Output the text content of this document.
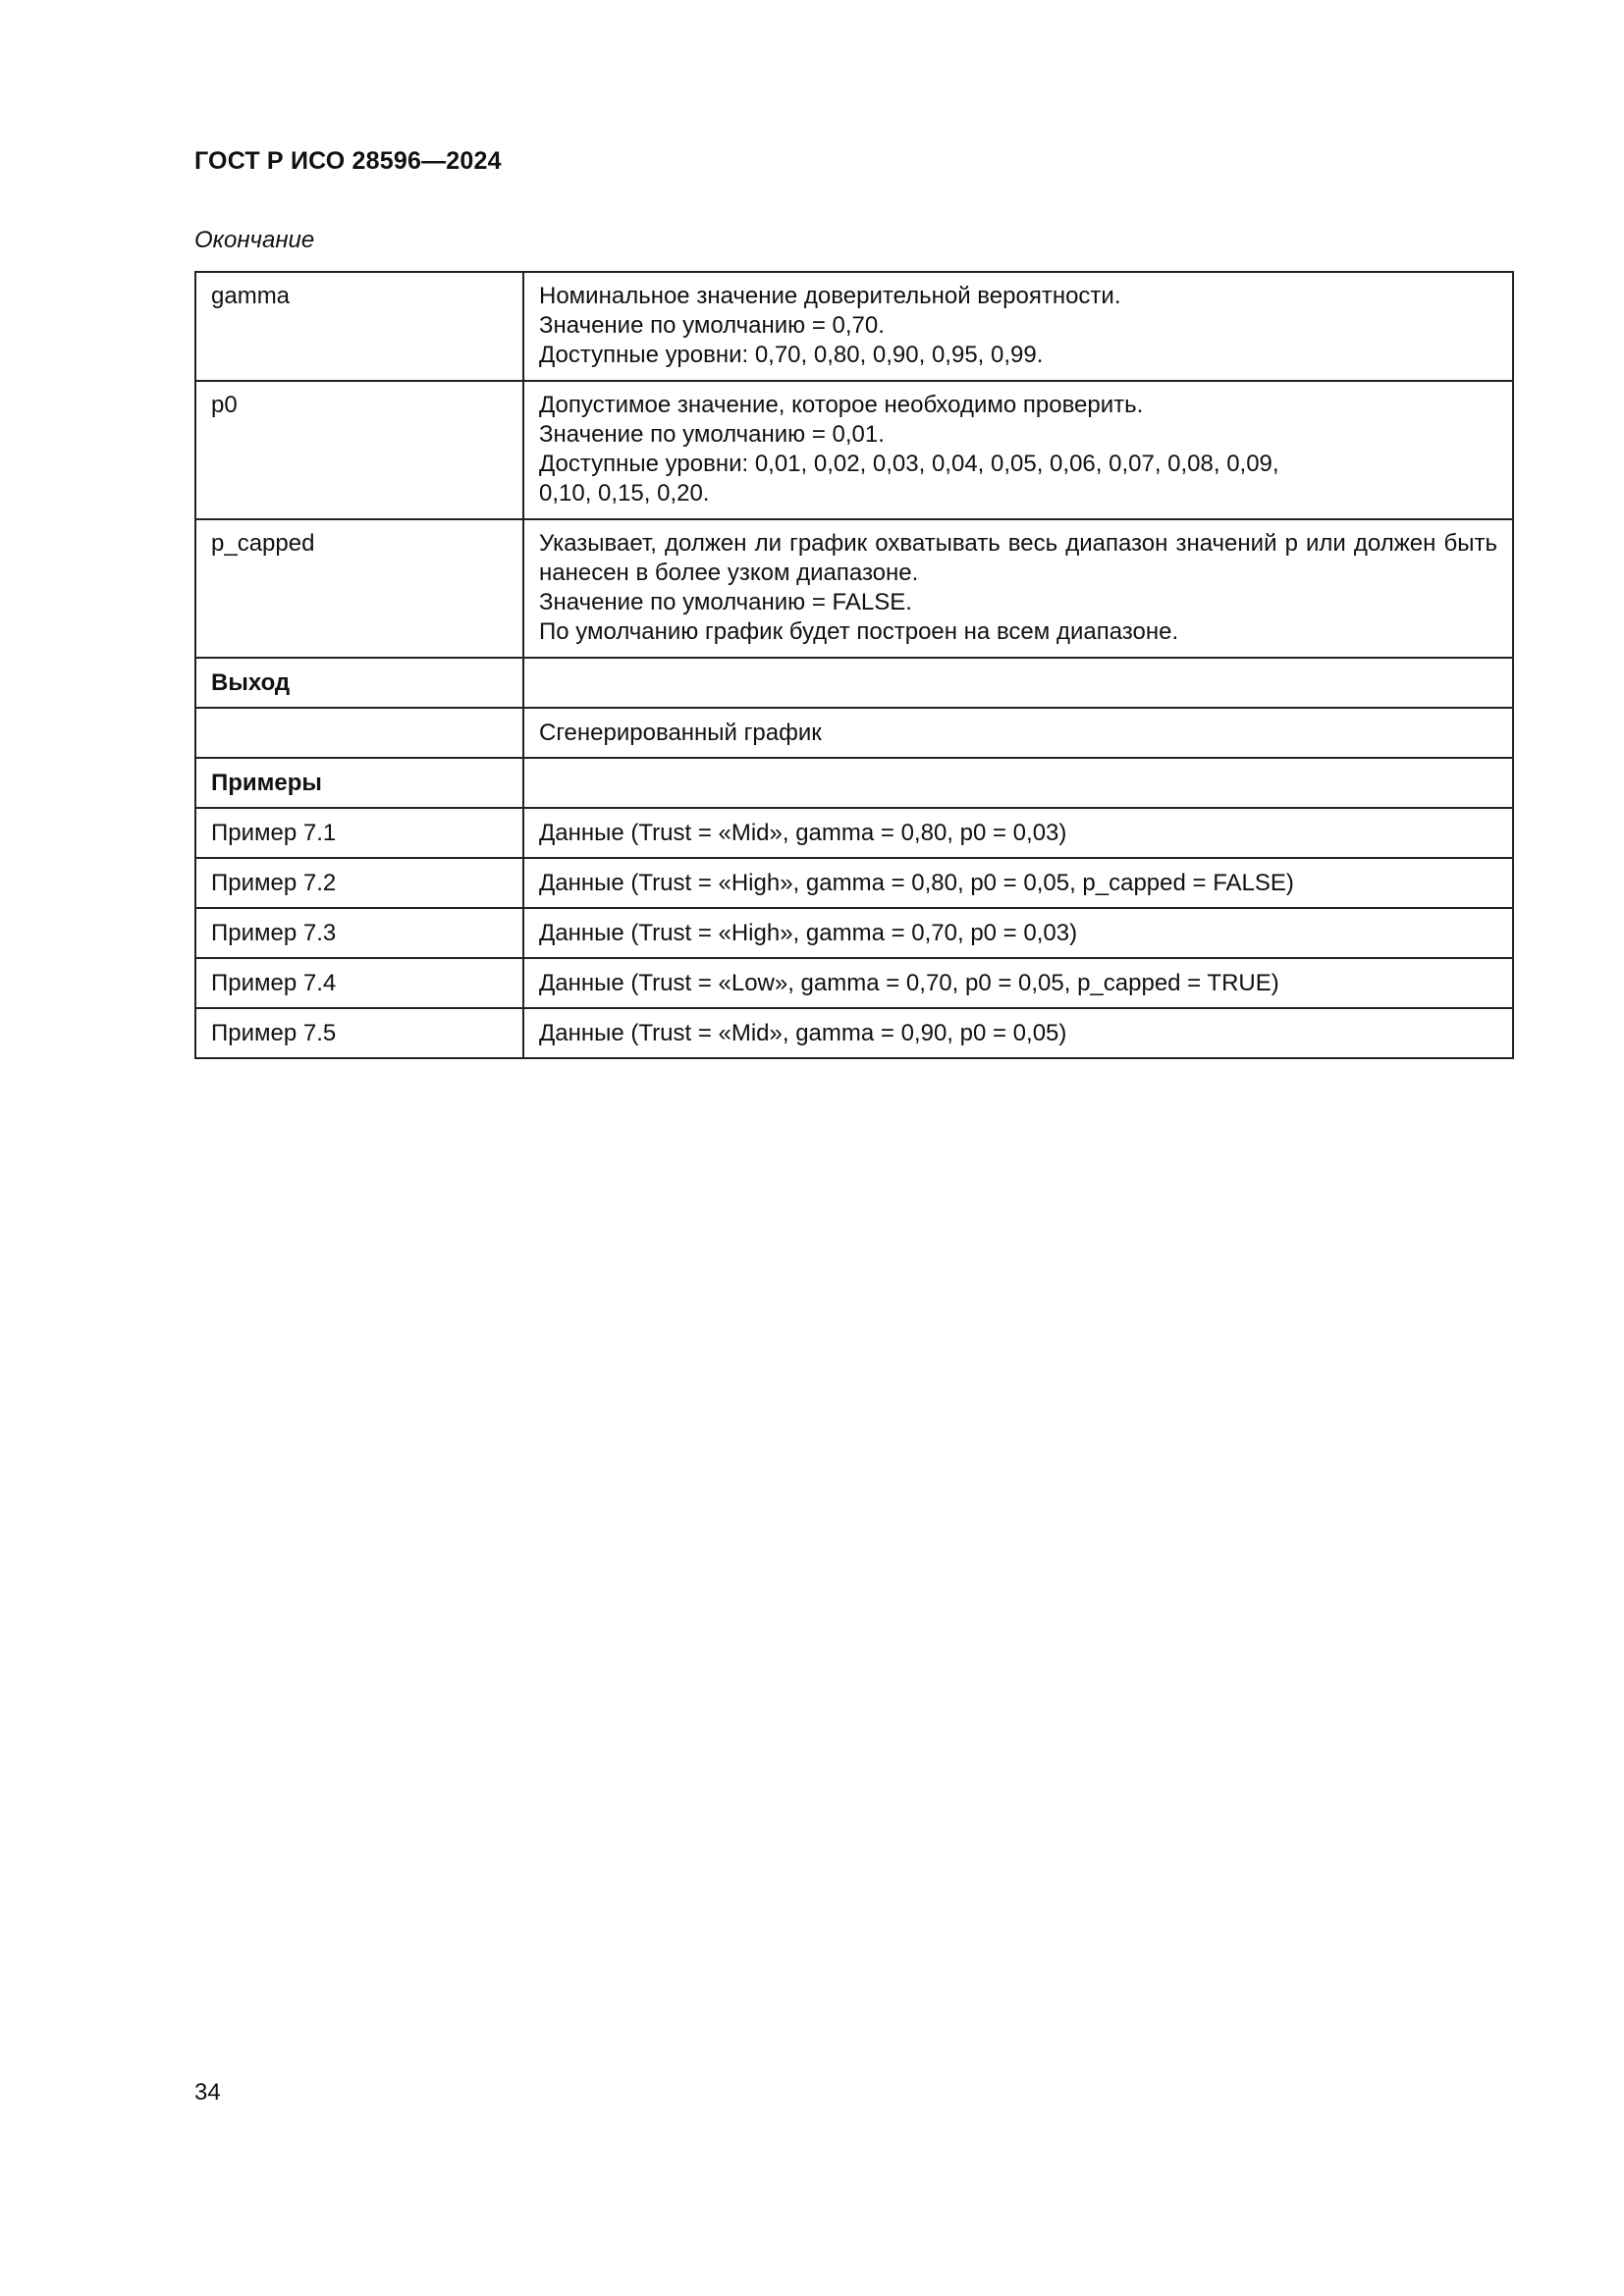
ГОСТ Р ИСО 28596—2024

Окончание

gamma	Номинальное значение доверительной вероятности.
Значение по умолчанию = 0,70.
Доступные уровни: 0,70, 0,80, 0,90, 0,95, 0,99.

p0	Допустимое значение, которое необходимо проверить.
Значение по умолчанию = 0,01.
Доступные уровни: 0,01, 0,02, 0,03, 0,04, 0,05, 0,06, 0,07, 0,08, 0,09,
0,10, 0,15, 0,20.

p_capped	Указывает, должен ли график охватывать весь диапазон значений p или должен быть нанесен в более узком диапазоне.
Значение по умолчанию = FALSE.
По умолчанию график будет построен на всем диапазоне.

Выход	
	Сгенерированный график
Примеры	
Пример 7.1	Данные (Trust = «Mid», gamma = 0,80, p0 = 0,03)
Пример 7.2	Данные (Trust = «High», gamma = 0,80, p0 = 0,05, p_capped = FALSE)
Пример 7.3	Данные (Trust = «High», gamma = 0,70, p0 = 0,03)
Пример 7.4	Данные (Trust = «Low», gamma = 0,70, p0 = 0,05, p_capped = TRUE)
Пример 7.5	Данные (Trust = «Mid», gamma = 0,90, p0 = 0,05)

34
